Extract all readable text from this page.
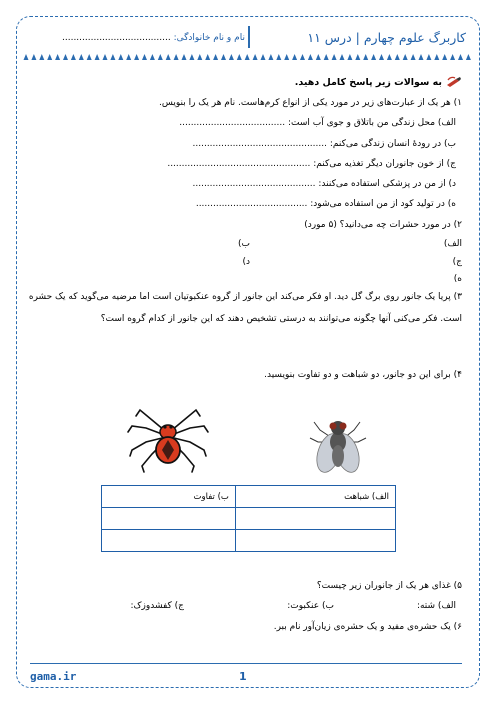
کاربرگ علوم چهارم | درس ۱۱
نام و نام خانوادگی: ......................................
به سوالات زیر پاسخ کامل دهید.
۱) هر یک از عبارت‌های زیر در مورد یکی از انواع کرم‌هاست. نام هر یک را بنویس.
الف) محل زندگی من باتلاق و جوی آب است: .....................................
ب) در رودهٔ انسان زندگی می‌کنم: ...............................................
ج) از خون جانوران دیگر تغذیه می‌کنم: ..................................................
د) از من در پزشکی استفاده می‌کنند: ...........................................
ه) در تولید کود از من استفاده می‌شود: .......................................
۲) در مورد حشرات چه می‌دانید؟ (۵ مورد)
الف)
ب)
ج)
د)
ه)
۳) پریا یک جانور روی برگ گل دید. او فکر می‌کند این جانور از گروه عنکبوتیان است اما مرضیه می‌گوید که یک حشره
است. فکر می‌کنی آنها چگونه می‌توانند به درستی تشخیص دهند که این جانور از کدام گروه است؟
۴) برای این دو جانور، دو شباهت و دو تفاوت بنویسید.
الف) شباهت	ب) تفاوت

۵) غذای هر یک از جانوران زیر چیست؟
الف) شته:
ب) عنکبوت:
ج) کفشدوزک:
۶) یک حشره‌ی مفید و یک حشره‌ی زیان‌آور نام ببر.
gama.ir	1
